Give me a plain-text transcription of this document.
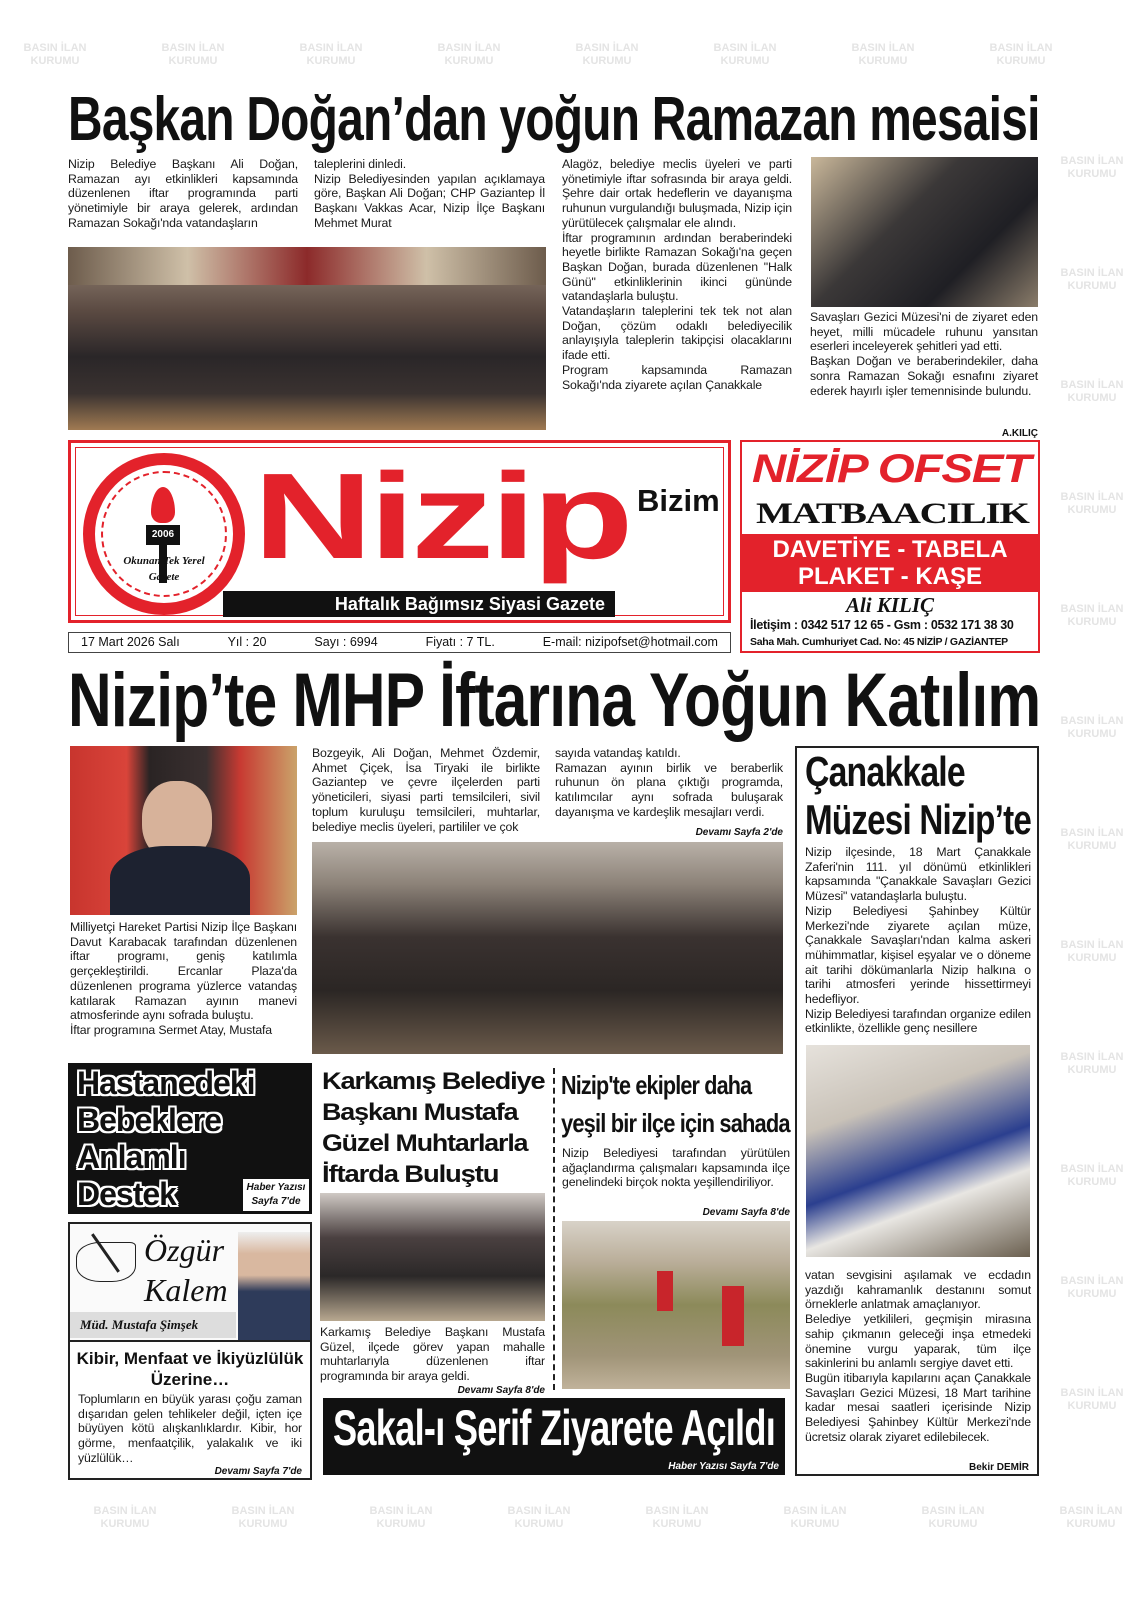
BASIN İLAN KURUMU
BASIN İLAN KURUMU
BASIN İLAN KURUMU
BASIN İLAN KURUMU
BASIN İLAN KURUMU
BASIN İLAN KURUMU
BASIN İLAN KURUMU
BASIN İLAN KURUMU
BASIN İLAN KURUMU
BASIN İLAN KURUMU
BASIN İLAN KURUMU
BASIN İLAN KURUMU
BASIN İLAN KURUMU
BASIN İLAN KURUMU
BASIN İLAN KURUMU
BASIN İLAN KURUMU
BASIN İLAN KURUMU
BASIN İLAN KURUMU
BASIN İLAN KURUMU
BASIN İLAN KURUMU
BASIN İLAN KURUMU
BASIN İLAN KURUMU
BASIN İLAN KURUMU
BASIN İLAN KURUMU
BASIN İLAN KURUMU
BASIN İLAN KURUMU
BASIN İLAN KURUMU
BASIN İLAN KURUMU
Başkan Doğan’dan yoğun Ramazan mesaisi
Nizip Belediye Başkanı Ali Doğan, Ramazan ayı etkinlikleri kapsamında düzenlenen iftar programında parti yönetimiyle bir araya gelerek, ardından Ramazan Sokağı'nda vatandaşların

taleplerini dinledi.

Nizip Belediyesinden yapılan açıklamaya göre, Başkan Ali Doğan; CHP Gaziantep İl Başkanı Vakkas Acar, Nizip İlçe Başkanı Mehmet Murat

Alagöz, belediye meclis üyeleri ve parti yönetimiyle iftar sofrasında bir araya geldi. Şehre dair ortak hedeflerin ve dayanışma ruhunun vurgulandığı buluşmada, Nizip için yürütülecek çalışmalar ele alındı.

İftar programının ardından beraberindeki heyetle birlikte Ramazan Sokağı'na geçen Başkan Doğan, burada düzenlenen "Halk Günü" etkinliklerinin ikinci gününde vatandaşlarla buluştu.

Vatandaşların taleplerini tek tek not alan Doğan, çözüm odaklı belediyecilik anlayışıyla taleplerin takipçisi olacaklarını ifade etti.

Program kapsamında Ramazan Sokağı'nda ziyarete açılan Çanakkale

Savaşları Gezici Müzesi'ni de ziyaret eden heyet, milli mücadele ruhunu yansıtan eserleri inceleyerek şehitleri yad etti.

Başkan Doğan ve beraberindekiler, daha sonra Ramazan Sokağı esnafını ziyaret ederek hayırlı işler temennisinde bulundu.

A.KILIÇ
2006
Okunan Tek Yerel Gazete Nizip Bizim
Haftalık Bağımsız Siyasi Gazete
17 Mart 2026 Salı	Yıl : 20	Sayı : 6994	Fiyatı : 7 TL.	E-mail: nizipofset@hotmail.com
NİZİP OFSET
MATBAACILIK
DAVETİYE - TABELA
PLAKET - KAŞE
Ali KILIÇ
İletişim : 0342 517 12 65 - Gsm : 0532 171 38 30
Saha Mah. Cumhuriyet Cad. No: 45 NİZİP / GAZİANTEP
Nizip’te MHP İftarına Yoğun Katılım

Milliyetçi Hareket Partisi Nizip İlçe Başkanı Davut Karabacak tarafından düzenlenen iftar programı, geniş katılımla gerçekleştirildi. Ercanlar Plaza'da düzenlenen programa yüzlerce vatandaş katılarak Ramazan ayının manevi atmosferinde aynı sofrada buluştu.

İftar programına Sermet Atay, Mustafa

Bozgeyik, Ali Doğan, Mehmet Özdemir, Ahmet Çiçek, İsa Tiryaki ile birlikte Gaziantep ve çevre ilçelerden parti yöneticileri, siyasi parti temsilcileri, sivil toplum kuruluşu temsilcileri, muhtarlar, belediye meclis üyeleri, partililer ve çok

sayıda vatandaş katıldı.

Ramazan ayının birlik ve beraberlik ruhunun ön plana çıktığı programda, katılımcılar aynı sofrada buluşarak dayanışma ve kardeşlik mesajları verdi.

Devamı Sayfa 2'de
Çanakkale
Müzesi Nizip’te

Nizip ilçesinde, 18 Mart Çanakkale Zaferi'nin 111. yıl dönümü etkinlikleri kapsamında "Çanakkale Savaşları Gezici Müzesi" vatandaşlarla buluştu.

Nizip Belediyesi Şahinbey Kültür Merkezi'nde ziyarete açılan müze, Çanakkale Savaşları'ndan kalma askeri mühimmatlar, kişisel eşyalar ve o döneme ait tarihi dökümanlarla Nizip halkına o tarihi atmosferi yerinde hissettirmeyi hedefliyor.

Nizip Belediyesi tarafından organize edilen etkinlikte, özellikle genç nesillere

vatan sevgisini aşılamak ve ecdadın yazdığı kahramanlık destanını somut örneklerle anlatmak amaçlanıyor.

Belediye yetkilileri, geçmişin mirasına sahip çıkmanın geleceği inşa etmedeki önemine vurgu yaparak, tüm ilçe sakinlerini bu anlamlı sergiye davet etti.

Bugün itibarıyla kapılarını açan Çanakkale Savaşları Gezici Müzesi, 18 Mart tarihine kadar mesai saatleri içerisinde Nizip Belediyesi Şahinbey Kültür Merkezi'nde ücretsiz olarak ziyaret edilebilecek.

Bekir DEMİR
Hastanedeki
Bebeklere
Anlamlı
Destek	Haber Yazısı
Sayfa 7'de
Özgür
Kalem
Müd. Mustafa Şimşek
Kibir, Menfaat ve İkiyüzlülük Üzerine…
Toplumların en büyük yarası çoğu zaman dışarıdan gelen tehlikeler değil, içten içe büyüyen kötü alışkanlıklardır. Kibir, hor görme, menfaatçilik, yalakalık ve iki yüzlülük…
Devamı Sayfa 7'de
Karkamış Belediye
Başkanı Mustafa
Güzel Muhtarlarla
İftarda Buluştu
Karkamış Belediye Başkanı Mustafa Güzel, ilçede görev yapan mahalle muhtarlarıyla düzenlenen iftar programında bir araya geldi.
Devamı Sayfa 8'de
Nizip'te ekipler daha
yeşil bir ilçe için sahada
Nizip Belediyesi tarafından yürütülen ağaçlandırma çalışmaları kapsamında ilçe genelindeki birçok nokta yeşillendiriliyor.
Devamı Sayfa 8'de
Sakal-ı Şerif Ziyarete Açıldı
Haber Yazısı Sayfa 7'de
